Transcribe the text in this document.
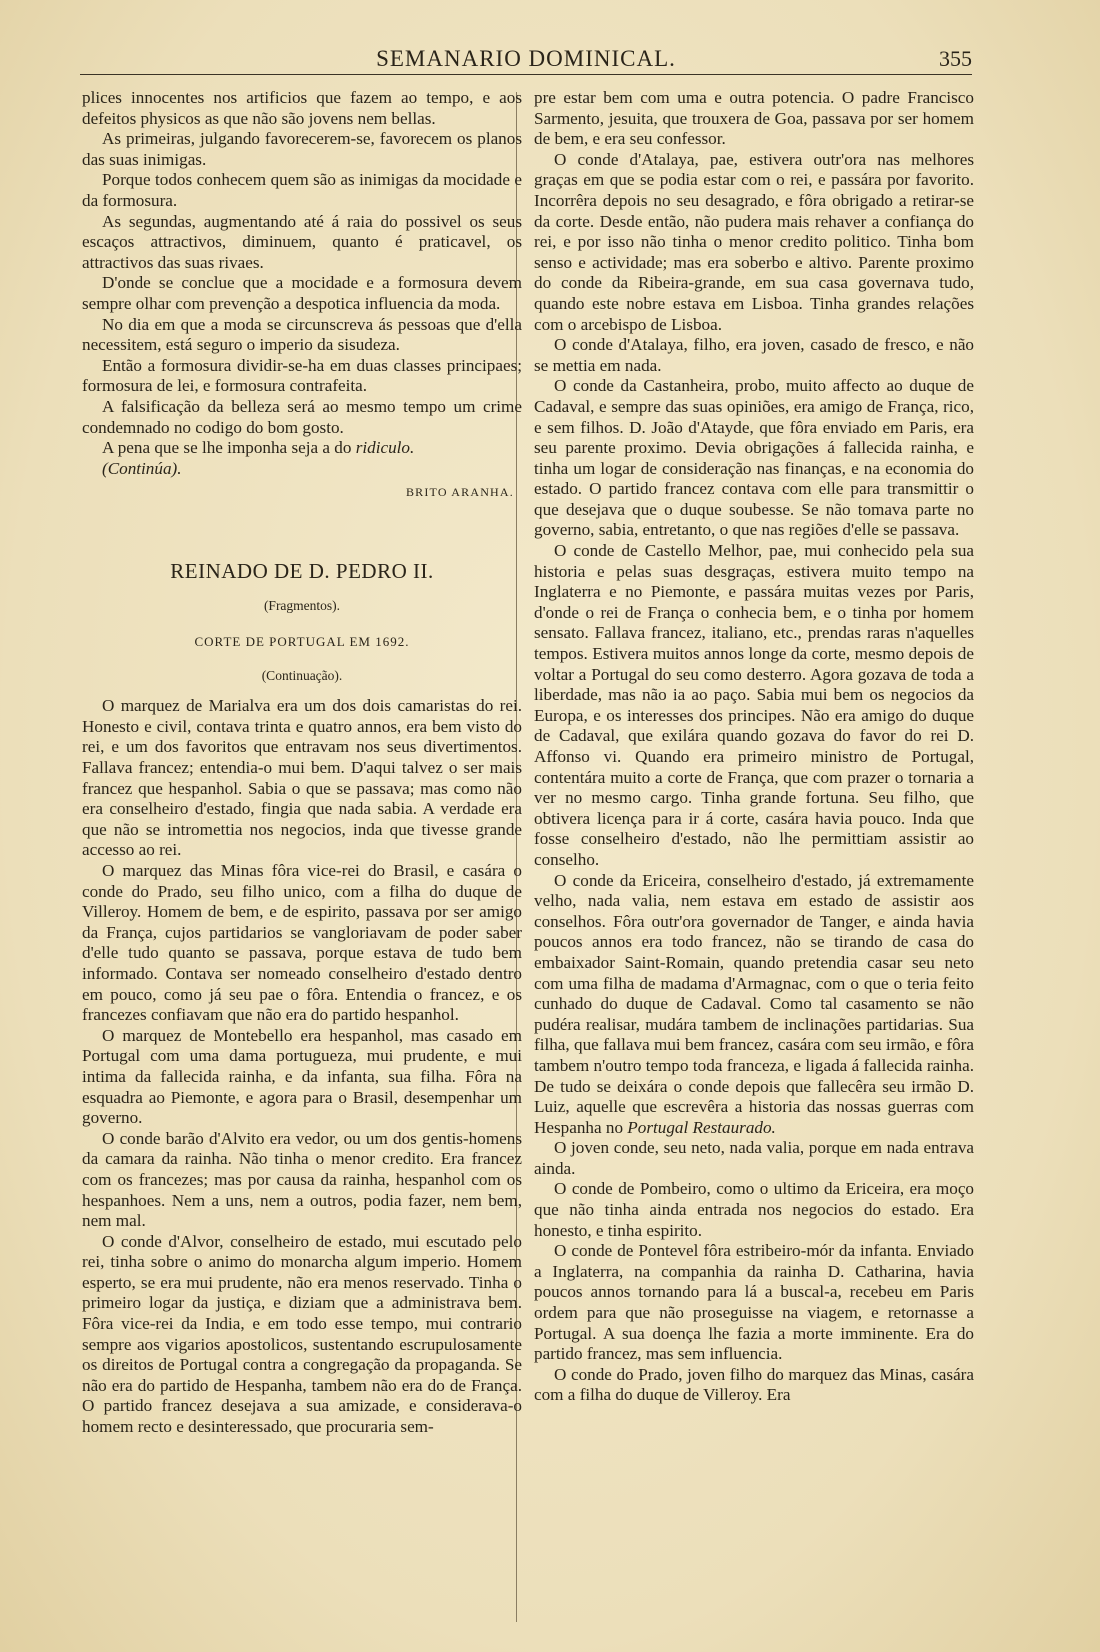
SEMANARIO DOMINICAL.	355

plices innocentes nos artificios que fazem ao tempo, e aos defeitos physicos as que não são jovens nem bellas.

As primeiras, julgando favorecerem-se, favorecem os planos das suas inimigas.

Porque todos conhecem quem são as inimigas da mocidade e da formosura.

As segundas, augmentando até á raia do possivel os seus escaços attractivos, diminuem, quanto é praticavel, os attractivos das suas rivaes.

D'onde se conclue que a mocidade e a formosura devem sempre olhar com prevenção a despotica influencia da moda.

No dia em que a moda se circunscreva ás pessoas que d'ella necessitem, está seguro o imperio da sisudeza.

Então a formosura dividir-se-ha em duas classes principaes; formosura de lei, e formosura contrafeita.

A falsificação da belleza será ao mesmo tempo um crime condemnado no codigo do bom gosto.

A pena que se lhe imponha seja a do ridiculo.

(Continúa).

BRITO ARANHA.
REINADO DE D. PEDRO II.
(Fragmentos).
CORTE DE PORTUGAL EM 1692.
(Continuação).

O marquez de Marialva era um dos dois camaristas do rei. Honesto e civil, contava trinta e quatro annos, era bem visto do rei, e um dos favoritos que entravam nos seus divertimentos. Fallava francez; entendia-o mui bem. D'aqui talvez o ser mais francez que hespanhol. Sabia o que se passava; mas como não era conselheiro d'estado, fingia que nada sabia. A verdade era que não se intromettia nos negocios, inda que tivesse grande accesso ao rei.

O marquez das Minas fôra vice-rei do Brasil, e casára o conde do Prado, seu filho unico, com a filha do duque de Villeroy. Homem de bem, e de espirito, passava por ser amigo da França, cujos partidarios se vangloriavam de poder saber d'elle tudo quanto se passava, porque estava de tudo bem informado. Contava ser nomeado conselheiro d'estado dentro em pouco, como já seu pae o fôra. Entendia o francez, e os francezes confiavam que não era do partido hespanhol.

O marquez de Montebello era hespanhol, mas casado em Portugal com uma dama portugueza, mui prudente, e mui intima da fallecida rainha, e da infanta, sua filha. Fôra na esquadra ao Piemonte, e agora para o Brasil, desempenhar um governo.

O conde barão d'Alvito era vedor, ou um dos gentis-homens da camara da rainha. Não tinha o menor credito. Era francez com os francezes; mas por causa da rainha, hespanhol com os hespanhoes. Nem a uns, nem a outros, podia fazer, nem bem, nem mal.

O conde d'Alvor, conselheiro de estado, mui escutado pelo rei, tinha sobre o animo do monarcha algum imperio. Homem esperto, se era mui prudente, não era menos reservado. Tinha o primeiro logar da justiça, e diziam que a administrava bem. Fôra vice-rei da India, e em todo esse tempo, mui contrario sempre aos vigarios apostolicos, sustentando escrupulosamente os direitos de Portugal contra a congregação da propaganda. Se não era do partido de Hespanha, tambem não era do de França. O partido francez desejava a sua amizade, e considerava-o homem recto e desinteressado, que procuraria sem-

pre estar bem com uma e outra potencia. O padre Francisco Sarmento, jesuita, que trouxera de Goa, passava por ser homem de bem, e era seu confessor.

O conde d'Atalaya, pae, estivera outr'ora nas melhores graças em que se podia estar com o rei, e passára por favorito. Incorrêra depois no seu desagrado, e fôra obrigado a retirar-se da corte. Desde então, não pudera mais rehaver a confiança do rei, e por isso não tinha o menor credito politico. Tinha bom senso e actividade; mas era soberbo e altivo. Parente proximo do conde da Ribeira-grande, em sua casa governava tudo, quando este nobre estava em Lisboa. Tinha grandes relações com o arcebispo de Lisboa.

O conde d'Atalaya, filho, era joven, casado de fresco, e não se mettia em nada.

O conde da Castanheira, probo, muito affecto ao duque de Cadaval, e sempre das suas opiniões, era amigo de França, rico, e sem filhos. D. João d'Atayde, que fôra enviado em Paris, era seu parente proximo. Devia obrigações á fallecida rainha, e tinha um logar de consideração nas finanças, e na economia do estado. O partido francez contava com elle para transmittir o que desejava que o duque soubesse. Se não tomava parte no governo, sabia, entretanto, o que nas regiões d'elle se passava.

O conde de Castello Melhor, pae, mui conhecido pela sua historia e pelas suas desgraças, estivera muito tempo na Inglaterra e no Piemonte, e passára muitas vezes por Paris, d'onde o rei de França o conhecia bem, e o tinha por homem sensato. Fallava francez, italiano, etc., prendas raras n'aquelles tempos. Estivera muitos annos longe da corte, mesmo depois de voltar a Portugal do seu como desterro. Agora gozava de toda a liberdade, mas não ia ao paço. Sabia mui bem os negocios da Europa, e os interesses dos principes. Não era amigo do duque de Cadaval, que exilára quando gozava do favor do rei D. Affonso vi. Quando era primeiro ministro de Portugal, contentára muito a corte de França, que com prazer o tornaria a ver no mesmo cargo. Tinha grande fortuna. Seu filho, que obtivera licença para ir á corte, casára havia pouco. Inda que fosse conselheiro d'estado, não lhe permittiam assistir ao conselho.

O conde da Ericeira, conselheiro d'estado, já extremamente velho, nada valia, nem estava em estado de assistir aos conselhos. Fôra outr'ora governador de Tanger, e ainda havia poucos annos era todo francez, não se tirando de casa do embaixador Saint-Romain, quando pretendia casar seu neto com uma filha de madama d'Armagnac, com o que o teria feito cunhado do duque de Cadaval. Como tal casamento se não pudéra realisar, mudára tambem de inclinações partidarias. Sua filha, que fallava mui bem francez, casára com seu irmão, e fôra tambem n'outro tempo toda franceza, e ligada á fallecida rainha. De tudo se deixára o conde depois que fallecêra seu irmão D. Luiz, aquelle que escrevêra a historia das nossas guerras com Hespanha no Portugal Restaurado.

O joven conde, seu neto, nada valia, porque em nada entrava ainda.

O conde de Pombeiro, como o ultimo da Ericeira, era moço que não tinha ainda entrada nos negocios do estado. Era honesto, e tinha espirito.

O conde de Pontevel fôra estribeiro-mór da infanta. Enviado a Inglaterra, na companhia da rainha D. Catharina, havia poucos annos tornando para lá a buscal-a, recebeu em Paris ordem para que não proseguisse na viagem, e retornasse a Portugal. A sua doença lhe fazia a morte imminente. Era do partido francez, mas sem influencia.

O conde do Prado, joven filho do marquez das Minas, casára com a filha do duque de Villeroy. Era
